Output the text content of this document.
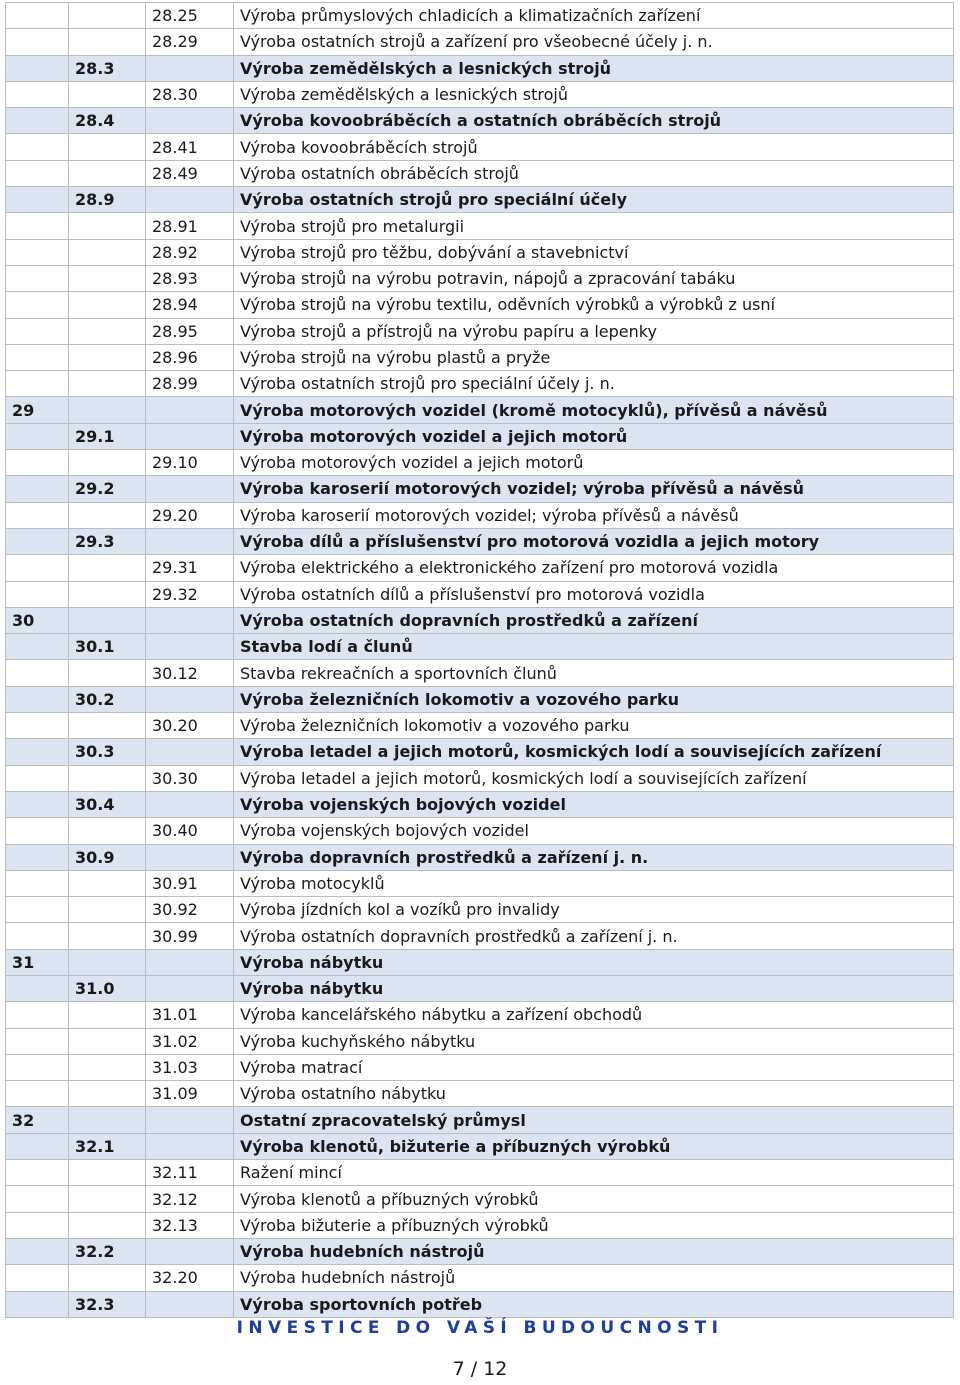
		28.25	Výroba průmyslových chladicích a klimatizačních zařízení
		28.29	Výroba ostatních strojů a zařízení pro všeobecné účely j. n.
	28.3		Výroba zemědělských a lesnických strojů
		28.30	Výroba zemědělských a lesnických strojů
	28.4		Výroba kovoobráběcích a ostatních obráběcích strojů
		28.41	Výroba kovoobráběcích strojů
		28.49	Výroba ostatních obráběcích strojů
	28.9		Výroba ostatních strojů pro speciální účely
		28.91	Výroba strojů pro metalurgii
		28.92	Výroba strojů pro těžbu, dobývání a stavebnictví
		28.93	Výroba strojů na výrobu potravin, nápojů a zpracování tabáku
		28.94	Výroba strojů na výrobu textilu, oděvních výrobků a výrobků z usní
		28.95	Výroba strojů a přístrojů na výrobu papíru a lepenky
		28.96	Výroba strojů na výrobu plastů a pryže
		28.99	Výroba ostatních strojů pro speciální účely j. n.
29			Výroba motorových vozidel (kromě motocyklů), přívěsů a návěsů
	29.1		Výroba motorových vozidel a jejich motorů
		29.10	Výroba motorových vozidel a jejich motorů
	29.2		Výroba karoserií motorových vozidel; výroba přívěsů a návěsů
		29.20	Výroba karoserií motorových vozidel; výroba přívěsů a návěsů
	29.3		Výroba dílů a příslušenství pro motorová vozidla a jejich motory
		29.31	Výroba elektrického a elektronického zařízení pro motorová vozidla
		29.32	Výroba ostatních dílů a příslušenství pro motorová vozidla
30			Výroba ostatních dopravních prostředků a zařízení
	30.1		Stavba lodí a člunů
		30.12	Stavba rekreačních a sportovních člunů
	30.2		Výroba železničních lokomotiv a vozového parku
		30.20	Výroba železničních lokomotiv a vozového parku
	30.3		Výroba letadel a jejich motorů, kosmických lodí a souvisejících zařízení
		30.30	Výroba letadel a jejich motorů, kosmických lodí a souvisejících zařízení
	30.4		Výroba vojenských bojových vozidel
		30.40	Výroba vojenských bojových vozidel
	30.9		Výroba dopravních prostředků a zařízení j. n.
		30.91	Výroba motocyklů
		30.92	Výroba jízdních kol a vozíků pro invalidy
		30.99	Výroba ostatních dopravních prostředků a zařízení j. n.
31			Výroba nábytku
	31.0		Výroba nábytku
		31.01	Výroba kancelářského nábytku a zařízení obchodů
		31.02	Výroba kuchyňského nábytku
		31.03	Výroba matrací
		31.09	Výroba ostatního nábytku
32			Ostatní zpracovatelský průmysl
	32.1		Výroba klenotů, bižuterie a příbuzných výrobků
		32.11	Ražení mincí
		32.12	Výroba klenotů a příbuzných výrobků
		32.13	Výroba bižuterie a příbuzných výrobků
	32.2		Výroba hudebních nástrojů
		32.20	Výroba hudebních nástrojů
	32.3		Výroba sportovních potřeb
INVESTICE DO VAŠÍ BUDOUCNOSTI
7 / 12
